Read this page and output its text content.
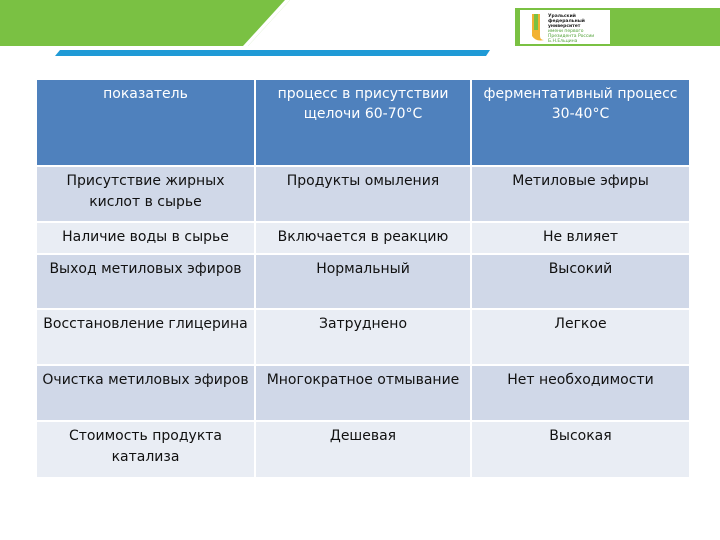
Уральский
федеральный
университет
имени первого Президента России Б.Н.Ельцина
показатель	процесс в присутствии щелочи 60-70°С	ферментативный процесс 30-40°С
Присутствие жирных кислот в сырье	Продукты омыления	Метиловые эфиры
Наличие воды в сырье	Включается в реакцию	Не влияет
Выход метиловых эфиров	Нормальный	Высокий
Восстановление глицерина	Затруднено	Легкое
Очистка метиловых эфиров	Многократное отмывание	Нет необходимости
Стоимость продукта катализа	Дешевая	Высокая
